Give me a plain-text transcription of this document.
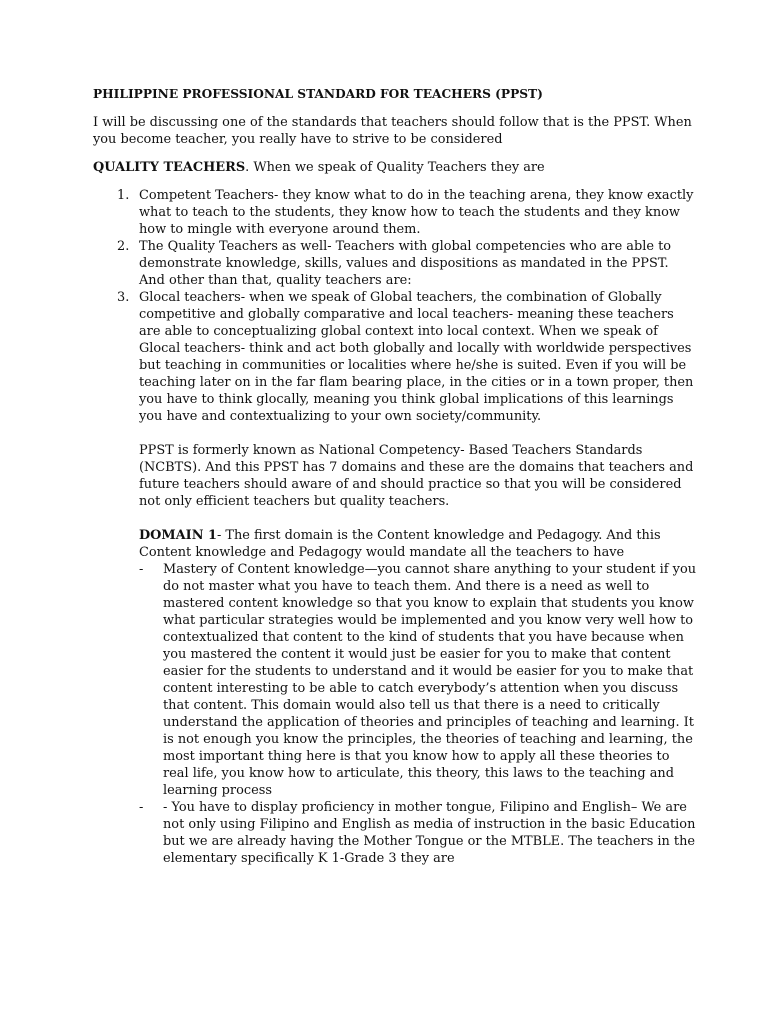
PHILIPPINE PROFESSIONAL STANDARD FOR TEACHERS (PPST)

I will be discussing one of the standards that teachers should follow that is the PPST. When you become teacher, you really have to strive to be considered

QUALITY TEACHERS. When we speak of Quality Teachers they are

1. Competent Teachers- they know what to do in the teaching arena, they know exactly what to teach to the students, they know how to teach the students and they know how to mingle with everyone around them.
2. The Quality Teachers as well- Teachers with global competencies who are able to demonstrate knowledge, skills, values and dispositions as mandated in the PPST. And other than that, quality teachers are:
3. Glocal teachers- when we speak of Global teachers, the combination of Globally competitive and globally comparative and local teachers- meaning these teachers are able to conceptualizing global context into local context. When we speak of
Glocal teachers- think and act both globally and locally with worldwide perspectives but teaching in communities or localities where he/she is suited. Even if you will be teaching later on in the far flam bearing place, in the cities or in a town proper, then you have to think glocally, meaning you think global implications of this learnings you have and contextualizing to your own society/community.
PPST is formerly known as National Competency- Based Teachers Standards (NCBTS). And this PPST has 7 domains and these are the domains that teachers and future teachers should aware of and should practice so that you will be considered not only efficient teachers but quality teachers.
DOMAIN 1- The first domain is the Content knowledge and Pedagogy. And this Content knowledge and Pedagogy would mandate all the teachers to have
- Mastery of Content knowledge—you cannot share anything to your student if you do not master what you have to teach them. And there is a need as well to mastered content knowledge so that you know to explain that students you know what particular strategies would be implemented and you know very well how to contextualized that content to the kind of students that you have because when you mastered the content it would just be easier for you to make that content easier for the students to understand and it would be easier for you to make that content interesting to be able to catch everybody’s attention when you discuss that content. This domain would also tell us that there is a need to critically understand the application of theories and principles of teaching and learning. It is not enough you know the principles, the theories of teaching and learning, the most important thing here is that you know how to apply all these theories to real life, you know how to articulate, this theory, this laws to the teaching and learning process
- - You have to display proficiency in mother tongue, Filipino and English– We are not only using Filipino and English as media of instruction in the basic Education but we are already having the Mother Tongue or the MTBLE. The teachers in the elementary specifically K 1-Grade 3 they are
